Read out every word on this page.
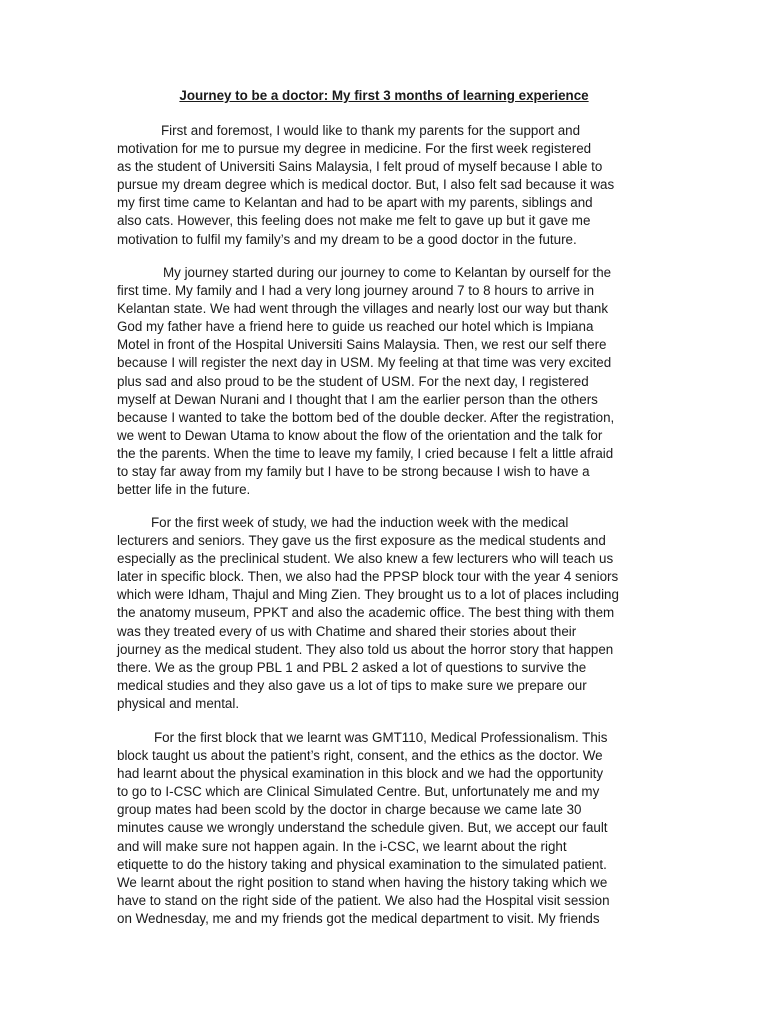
Journey to be a doctor: My first 3 months of learning experience
First and foremost, I would like to thank my parents for the support and
motivation for me to pursue my degree in medicine. For the first week registered
as the student of Universiti Sains Malaysia, I felt proud of myself because I able to
pursue my dream degree which is medical doctor. But, I also felt sad because it was
my first time came to Kelantan and had to be apart with my parents, siblings and
also cats. However, this feeling does not make me felt to gave up but it gave me
motivation to fulfil my family’s and my dream to be a good doctor in the future.
My journey started during our journey to come to Kelantan by ourself for the
first time. My family and I had a very long journey around 7 to 8 hours to arrive in
Kelantan state. We had went through the villages and nearly lost our way but thank
God my father have a friend here to guide us reached our hotel which is Impiana
Motel in front of the Hospital Universiti Sains Malaysia. Then, we rest our self there
because I will register the next day in USM. My feeling at that time was very excited
plus sad and also proud to be the student of USM. For the next day, I registered
myself at Dewan Nurani and I thought that I am the earlier person than the others
because I wanted to take the bottom bed of the double decker. After the registration,
we went to Dewan Utama to know about the flow of the orientation and the talk for
the the parents. When the time to leave my family, I cried because I felt a little afraid
to stay far away from my family but I have to be strong because I wish to have a
better life in the future.
For the first week of study, we had the induction week with the medical
lecturers and seniors. They gave us the first exposure as the medical students and
especially as the preclinical student. We also knew a few lecturers who will teach us
later in specific block. Then, we also had the PPSP block tour with the year 4 seniors
which were Idham, Thajul and Ming Zien. They brought us to a lot of places including
the anatomy museum, PPKT and also the academic office. The best thing with them
was they treated every of us with Chatime and shared their stories about their
journey as the medical student. They also told us about the horror story that happen
there. We as the group PBL 1 and PBL 2 asked a lot of questions to survive the
medical studies and they also gave us a lot of tips to make sure we prepare our
physical and mental.
For the first block that we learnt was GMT110, Medical Professionalism. This
block taught us about the patient’s right, consent, and the ethics as the doctor. We
had learnt about the physical examination in this block and we had the opportunity
to go to I-CSC which are Clinical Simulated Centre. But, unfortunately me and my
group mates had been scold by the doctor in charge because we came late 30
minutes cause we wrongly understand the schedule given. But, we accept our fault
and will make sure not happen again. In the i-CSC, we learnt about the right
etiquette to do the history taking and physical examination to the simulated patient.
We learnt about the right position to stand when having the history taking which we
have to stand on the right side of the patient. We also had the Hospital visit session
on Wednesday, me and my friends got the medical department to visit. My friends
